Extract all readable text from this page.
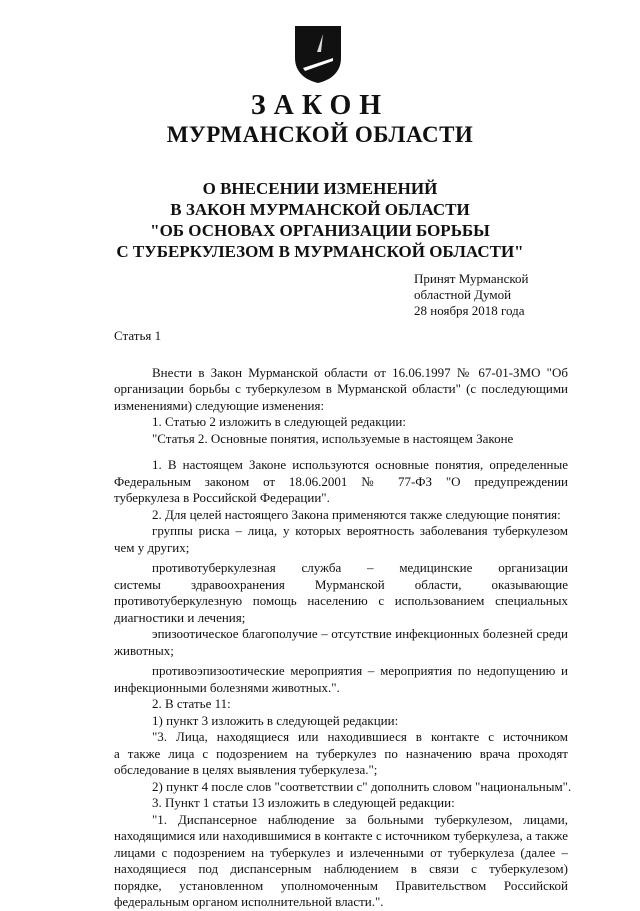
ЗАКОН
МУРМАНСКОЙ ОБЛАСТИ
О ВНЕСЕНИИ ИЗМЕНЕНИЙ
В ЗАКОН МУРМАНСКОЙ ОБЛАСТИ
"ОБ ОСНОВАХ ОРГАНИЗАЦИИ БОРЬБЫ
С ТУБЕРКУЛЕЗОМ В МУРМАНСКОЙ ОБЛАСТИ"
Принят Мурманской
областной Думой
28 ноября 2018 года
Статья 1
Внести в Закон Мурманской области от 16.06.1997 № 67-01-ЗМО "Об
организации борьбы с туберкулезом в Мурманской области" (с последующими
изменениями) следующие изменения:
1. Статью 2 изложить в следующей редакции:
"Статья 2. Основные понятия, используемые в настоящем Законе
1. В настоящем Законе используются основные понятия, определенные
Федеральным законом от 18.06.2001 № 77-ФЗ "О предупреждении
туберкулеза в Российской Федерации".
2. Для целей настоящего Закона применяются также следующие понятия:
группы риска – лица, у которых вероятность заболевания туберкулезом
чем у других;
противотуберкулезная служба – медицинские организации
системы здравоохранения Мурманской области, оказывающие
противотуберкулезную помощь населению с использованием специальных
диагностики и лечения;
эпизоотическое благополучие – отсутствие инфекционных болезней среди
животных;
противоэпизоотические мероприятия – мероприятия по недопущению и
инфекционными болезнями животных.".
2. В статье 11:
1) пункт 3 изложить в следующей редакции:
"3. Лица, находящиеся или находившиеся в контакте с источником
а также лица с подозрением на туберкулез по назначению врача проходят
обследование в целях выявления туберкулеза.";
2) пункт 4 после слов "соответствии с" дополнить словом "национальным".
3. Пункт 1 статьи 13 изложить в следующей редакции:
"1. Диспансерное наблюдение за больными туберкулезом, лицами,
находящимися или находившимися в контакте с источником туберкулеза, а также
лицами с подозрением на туберкулез и излеченными от туберкулеза (далее –
находящиеся под диспансерным наблюдением в связи с туберкулезом)
порядке, установленном уполномоченным Правительством Российской
федеральным органом исполнительной власти.".
